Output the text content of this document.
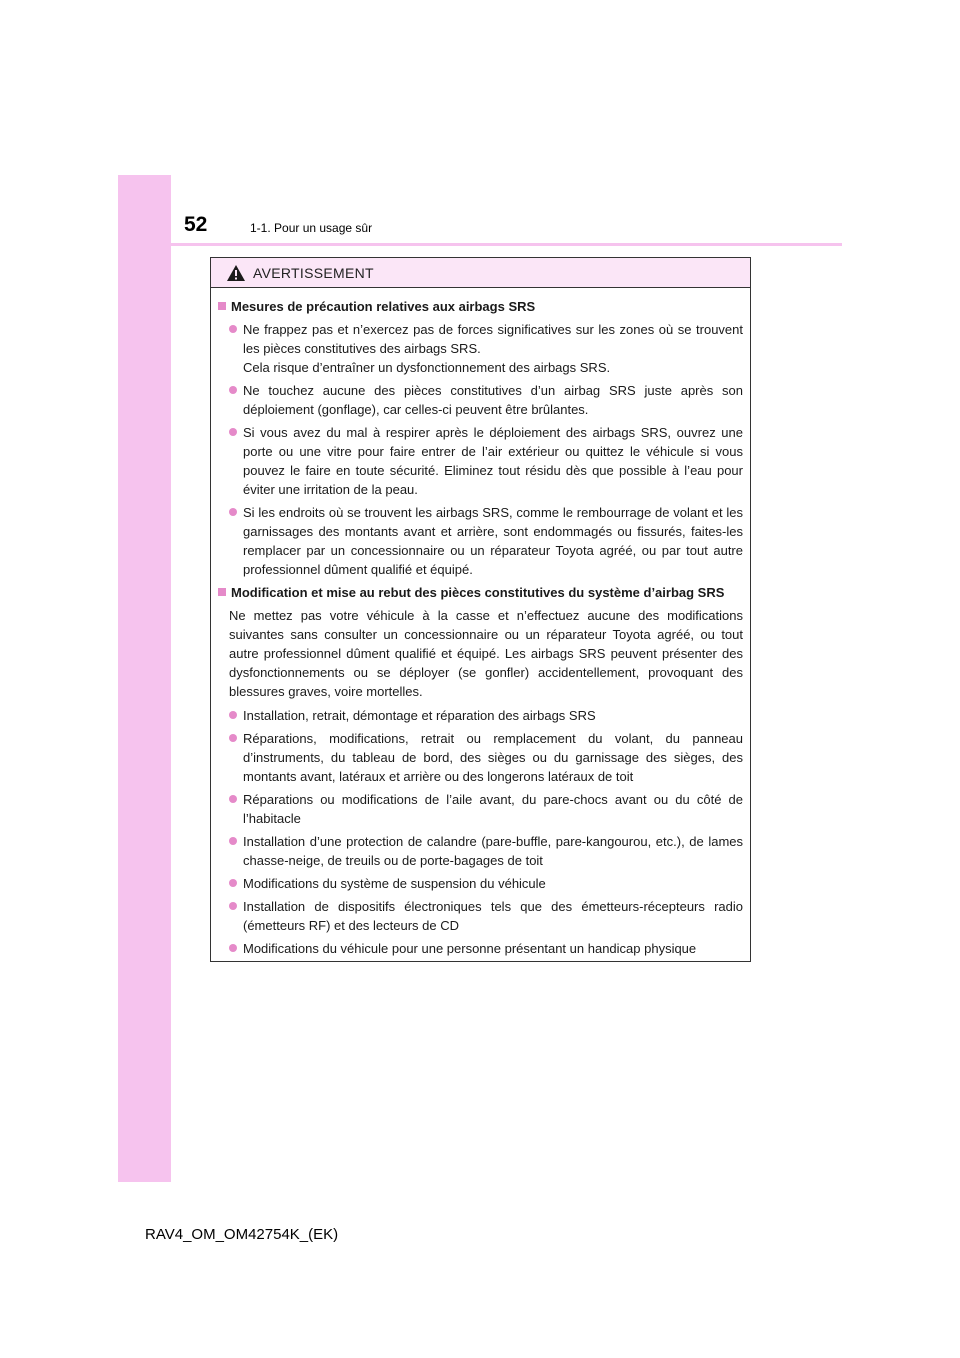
52	1-1. Pour un usage sûr
AVERTISSEMENT
Mesures de précaution relatives aux airbags SRS
Ne frappez pas et n’exercez pas de forces significatives sur les zones où se trouvent les pièces constitutives des airbags SRS.
Cela risque d’entraîner un dysfonctionnement des airbags SRS.
Ne touchez aucune des pièces constitutives d’un airbag SRS juste après son déploiement (gonflage), car celles-ci peuvent être brûlantes.
Si vous avez du mal à respirer après le déploiement des airbags SRS, ouvrez une porte ou une vitre pour faire entrer de l’air extérieur ou quittez le véhicule si vous pouvez le faire en toute sécurité. Eliminez tout résidu dès que possible à l’eau pour éviter une irritation de la peau.
Si les endroits où se trouvent les airbags SRS, comme le rembourrage de volant et les garnissages des montants avant et arrière, sont endommagés ou fissurés, faites-les remplacer par un concessionnaire ou un réparateur Toyota agréé, ou par tout autre professionnel dûment qualifié et équipé.
Modification et mise au rebut des pièces constitutives du système d’airbag SRS
Ne mettez pas votre véhicule à la casse et n’effectuez aucune des modifications suivantes sans consulter un concessionnaire ou un réparateur Toyota agréé, ou tout autre professionnel dûment qualifié et équipé. Les airbags SRS peuvent présenter des dysfonctionnements ou se déployer (se gonfler) accidentellement, provoquant des blessures graves, voire mortelles.
Installation, retrait, démontage et réparation des airbags SRS
Réparations, modifications, retrait ou remplacement du volant, du panneau d’instruments, du tableau de bord, des sièges ou du garnissage des sièges, des montants avant, latéraux et arrière ou des longerons latéraux de toit
Réparations ou modifications de l’aile avant, du pare-chocs avant ou du côté de l’habitacle
Installation d’une protection de calandre (pare-buffle, pare-kangourou, etc.), de lames chasse-neige, de treuils ou de porte-bagages de toit
Modifications du système de suspension du véhicule
Installation de dispositifs électroniques tels que des émetteurs-récepteurs radio (émetteurs RF) et des lecteurs de CD
Modifications du véhicule pour une personne présentant un handicap physique
RAV4_OM_OM42754K_(EK)
